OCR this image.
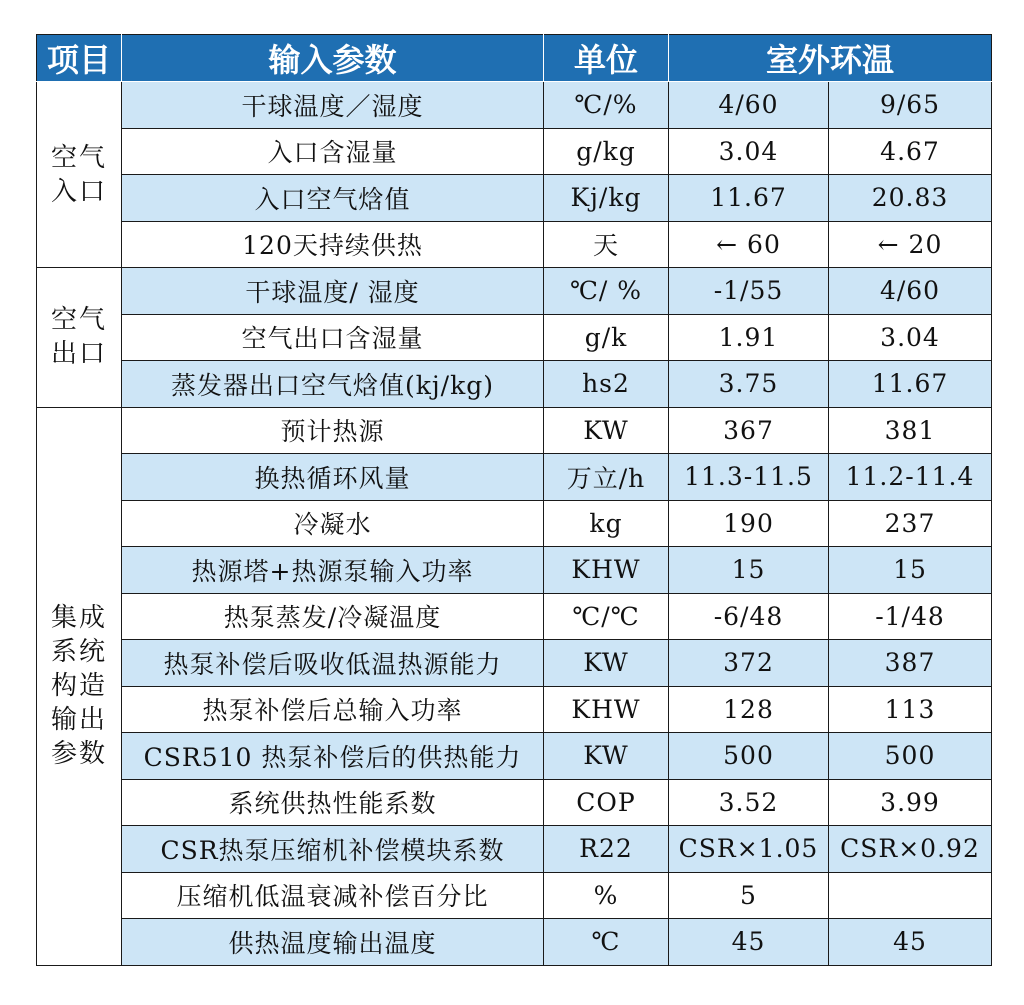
项目	输入参数	单位	室外环温	
空气
入口	干球温度／湿度	℃/%	4/60	9/65
	入口含湿量	g/kg	3.04	4.67
	入口空气焓值	Kj/kg	11.67	20.83
	120天持续供热	天	← 60	← 20
空气
出口	干球温度/ 湿度	℃/ %	-1/55	4/60
	空气出口含湿量	g/k	1.91	3.04
	蒸发器出口空气焓值(kj/kg)	hs2	3.75	11.67
集成
系统
构造
输出
参数	预计热源	KW	367	381
	换热循环风量	万立/h	11.3-11.5	11.2-11.4
	冷凝水	kg	190	237
	热源塔+热源泵输入功率	KHW	15	15
	热泵蒸发/冷凝温度	℃/℃	-6/48	-1/48
	热泵补偿后吸收低温热源能力	KW	372	387
	热泵补偿后总输入功率	KHW	128	113
	CSR510 热泵补偿后的供热能力	KW	500	500
	系统供热性能系数	COP	3.52	3.99
	CSR热泵压缩机补偿模块系数	R22	CSR×1.05	CSR×0.92
	压缩机低温衰减补偿百分比	%	5	
	供热温度输出温度	℃	45	45
